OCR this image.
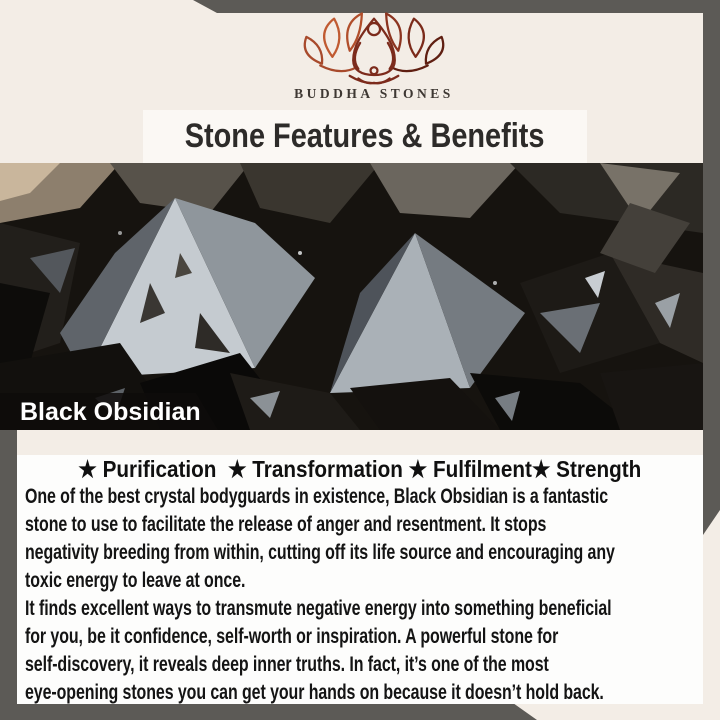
BUDDHA STONES
Stone Features & Benefits
Black Obsidian
★ Purification  ★ Transformation ★ Fulfilment★ Strength
One of the best crystal bodyguards in existence, Black Obsidian is a fantastic
stone to use to facilitate the release of anger and resentment. It stops
negativity breeding from within, cutting off its life source and encouraging any
toxic energy to leave at once.
It finds excellent ways to transmute negative energy into something beneficial
for you, be it confidence, self-worth or inspiration. A powerful stone for
self-discovery, it reveals deep inner truths. In fact, it’s one of the most
eye-opening stones you can get your hands on because it doesn’t hold back.
